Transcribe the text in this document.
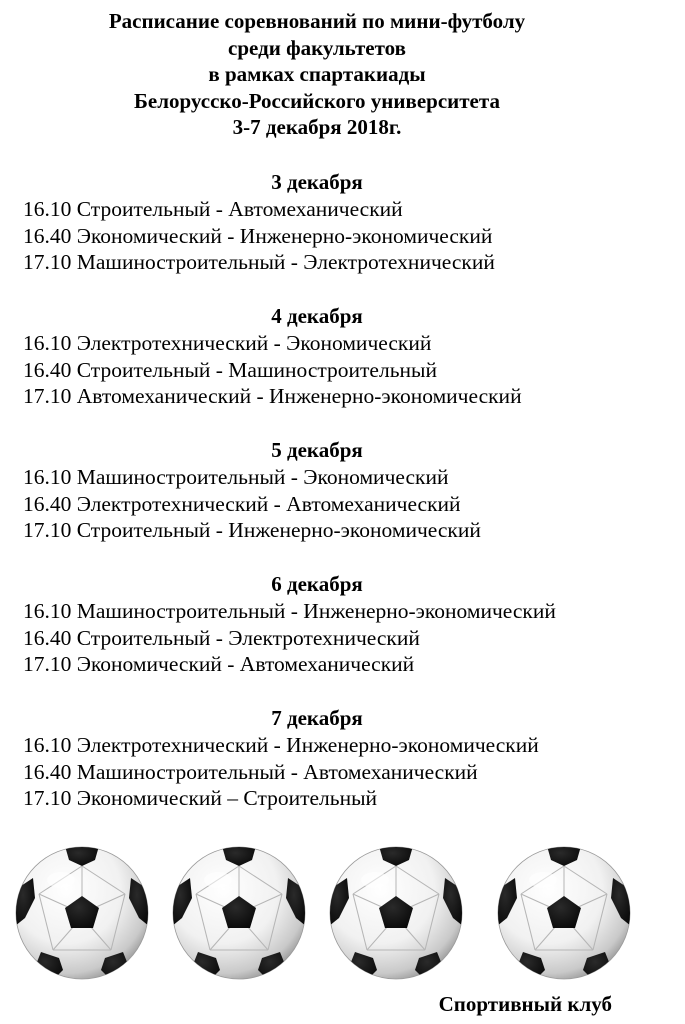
Расписание соревнований по мини-футболу
среди факультетов
в рамках спартакиады
Белорусско-Российского университета
3-7 декабря 2018г.
3 декабря
16.10 Строительный - Автомеханический
16.40 Экономический - Инженерно-экономический
17.10 Машиностроительный - Электротехнический
4 декабря
16.10 Электротехнический - Экономический
16.40 Строительный - Машиностроительный
17.10 Автомеханический - Инженерно-экономический
5 декабря
16.10 Машиностроительный - Экономический
16.40 Электротехнический - Автомеханический
17.10 Строительный - Инженерно-экономический
6 декабря
16.10 Машиностроительный - Инженерно-экономический
16.40 Строительный - Электротехнический
17.10 Экономический - Автомеханический
7 декабря
16.10 Электротехнический - Инженерно-экономический
16.40 Машиностроительный - Автомеханический
17.10 Экономический – Строительный
Спортивный клуб
